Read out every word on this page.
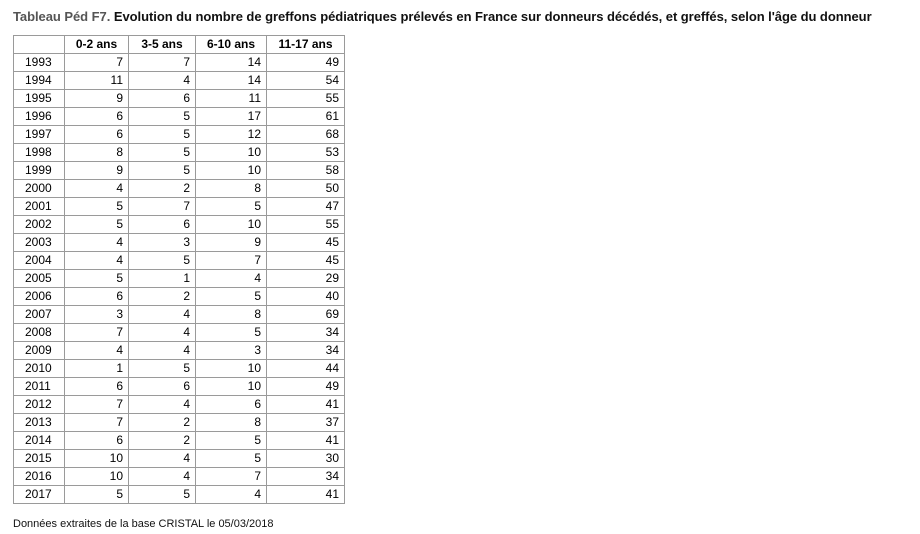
Tableau Péd F7. Evolution du nombre de greffons pédiatriques prélevés en France sur donneurs décédés, et greffés, selon l'âge du donneur
	0-2 ans	3-5 ans	6-10 ans	11-17 ans
1993	7	7	14	49
1994	11	4	14	54
1995	9	6	11	55
1996	6	5	17	61
1997	6	5	12	68
1998	8	5	10	53
1999	9	5	10	58
2000	4	2	8	50
2001	5	7	5	47
2002	5	6	10	55
2003	4	3	9	45
2004	4	5	7	45
2005	5	1	4	29
2006	6	2	5	40
2007	3	4	8	69
2008	7	4	5	34
2009	4	4	3	34
2010	1	5	10	44
2011	6	6	10	49
2012	7	4	6	41
2013	7	2	8	37
2014	6	2	5	41
2015	10	4	5	30
2016	10	4	7	34
2017	5	5	4	41
Données extraites de la base CRISTAL le 05/03/2018
